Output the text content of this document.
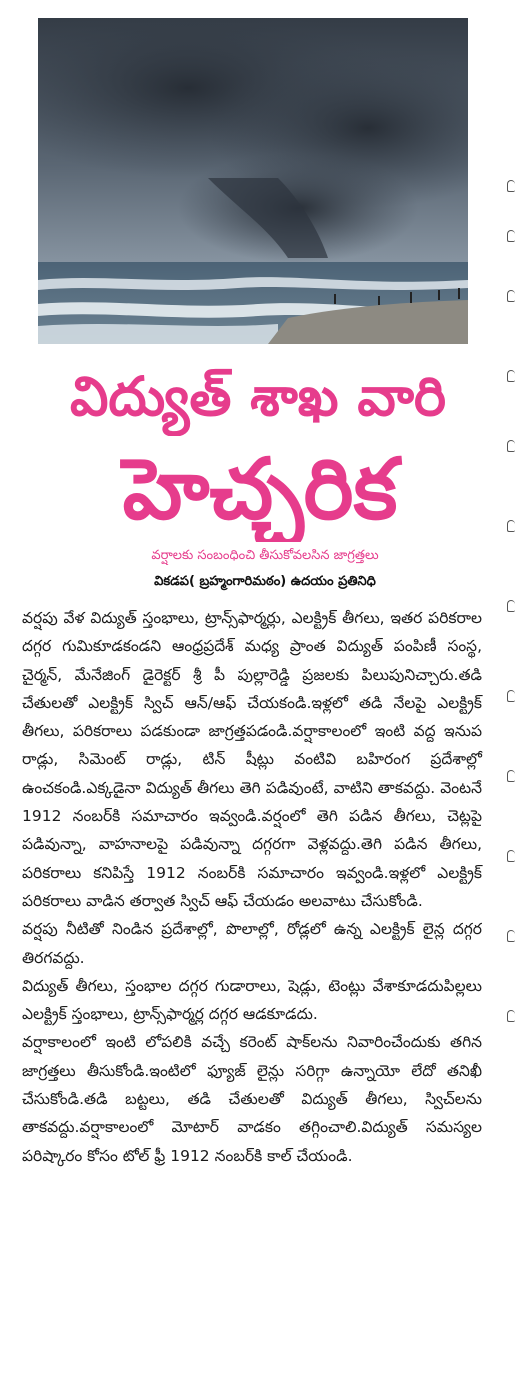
విద్యుత్ శాఖ వారి
హెచ్చరిక
వర్షాలకు సంబంధించి తీసుకోవలసిన జాగ్రత్తలు
వికడప( బ్రహ్మంగారిమఠం) ఉదయం ప్రతినిధి

వర్షపు వేళ విద్యుత్ స్తంభాలు, ట్రాన్స్‌ఫార్మర్లు, ఎలక్ట్రిక్ తీగలు, ఇతర పరికరాల దగ్గర గుమికూడకండని ఆంధ్రప్రదేశ్ మధ్య ప్రాంత విద్యుత్ పంపిణీ సంస్థ, చైర్మన్, మేనేజింగ్ డైరెక్టర్ శ్రీ పీ పుల్లారెడ్డి ప్రజలకు పిలుపునిచ్చారు.తడి చేతులతో ఎలక్ట్రిక్ స్విచ్ ఆన్/ఆఫ్ చేయకండి.ఇళ్లలో తడి నేలపై ఎలక్ట్రిక్ తీగలు, పరికరాలు పడకుండా జాగ్రత్తపడండి.వర్షాకాలంలో ఇంటి వద్ద ఇనుప రాడ్లు, సిమెంట్ రాడ్లు, టిన్ షీట్లు వంటివి బహిరంగ ప్రదేశాల్లో ఉంచకండి.ఎక్కడైనా విద్యుత్ తీగలు తెగి పడివుంటే, వాటిని తాకవద్దు. వెంటనే 1912 నంబర్‌కి సమాచారం ఇవ్వండి.వర్షంలో తెగి పడిన తీగలు, చెట్లపై పడివున్నా, వాహనాలపై పడివున్నా దగ్గరగా వెళ్లవద్దు.తెగి పడిన తీగలు, పరికరాలు కనిపిస్తే 1912 నంబర్‌కి సమాచారం ఇవ్వండి.ఇళ్లలో ఎలక్ట్రిక్ పరికరాలు వాడిన తర్వాత స్విచ్ ఆఫ్ చేయడం అలవాటు చేసుకోండి.

వర్షపు నీటితో నిండిన ప్రదేశాల్లో, పొలాల్లో, రోడ్లలో ఉన్న ఎలక్ట్రిక్ లైన్ల దగ్గర తిరగవద్దు.

విద్యుత్ తీగలు, స్తంభాల దగ్గర గుడారాలు, షెడ్లు, టెంట్లు వేశాకూడదుపిల్లలు ఎలక్ట్రిక్ స్తంభాలు, ట్రాన్స్‌ఫార్మర్ల దగ్గర ఆడకూడదు.

వర్షాకాలంలో ఇంటి లోపలికి వచ్చే కరెంట్ షాక్‌లను నివారించేందుకు తగిన జాగ్రత్తలు తీసుకోండి.ఇంటిలో ఫ్యూజ్ లైన్లు సరిగ్గా ఉన్నాయో లేదో తనిఖీ చేసుకోండి.తడి బట్టలు, తడి చేతులతో విద్యుత్ తీగలు, స్విచ్‌లను తాకవద్దు.వర్షాకాలంలో మోటార్ వాడకం తగ్గించాలి.విద్యుత్ సమస్యల పరిష్కారం కోసం టోల్ ఫ్రీ 1912 నంబర్‌కి కాల్ చేయండి.
